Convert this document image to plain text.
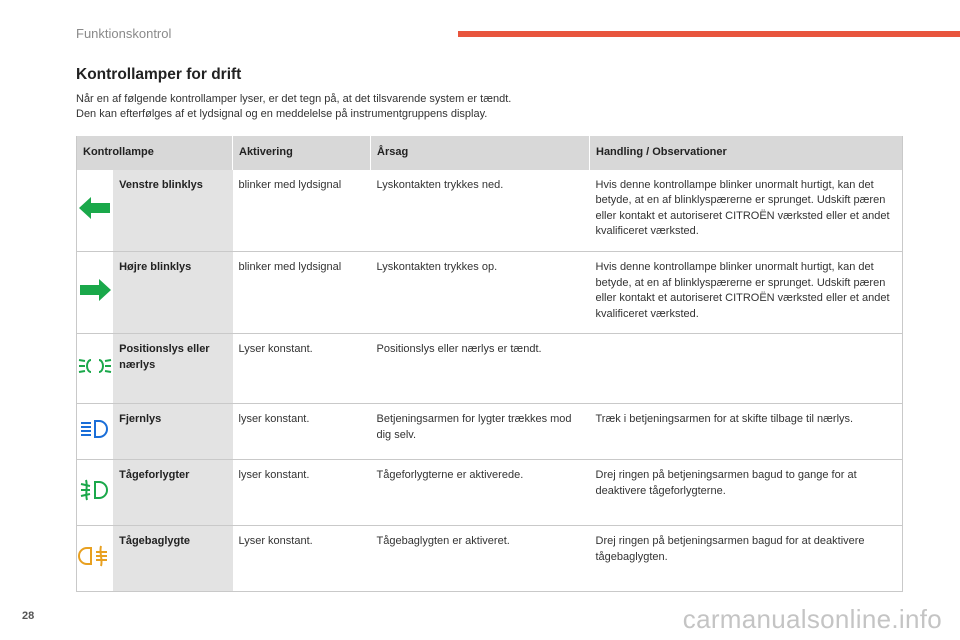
Funktionskontrol
Kontrollamper for drift

Når en af følgende kontrollamper lyser, er det tegn på, at det tilsvarende system er tændt.

Den kan efterfølges af et lydsignal og en meddelelse på instrumentgruppens display.

Kontrollampe		Aktivering	Årsag	Handling / Observationer
	Venstre blinklys	blinker med lydsignal	Lyskontakten trykkes ned.	Hvis denne kontrollampe blinker unormalt hurtigt, kan det betyde, at en af blinklyspærerne er sprunget. Udskift pæren eller kontakt et autoriseret CITROËN værksted eller et andet kvalificeret værksted.
	Højre blinklys	blinker med lydsignal	Lyskontakten trykkes op.	Hvis denne kontrollampe blinker unormalt hurtigt, kan det betyde, at en af blinklyspærerne er sprunget. Udskift pæren eller kontakt et autoriseret CITROËN værksted eller et andet kvalificeret værksted.
	Positionslys eller nærlys	Lyser konstant.	Positionslys eller nærlys er tændt.	
	Fjernlys	lyser konstant.	Betjeningsarmen for lygter trækkes mod dig selv.	Træk i betjeningsarmen for at skifte tilbage til nærlys.
	Tågeforlygter	lyser konstant.	Tågeforlygterne er aktiverede.	Drej ringen på betjeningsarmen bagud to gange for at deaktivere tågeforlygterne.
	Tågebaglygte	Lyser konstant.	Tågebaglygten er aktiveret.	Drej ringen på betjeningsarmen bagud for at deaktivere tågebaglygten.
28	carmanualsonline.info
